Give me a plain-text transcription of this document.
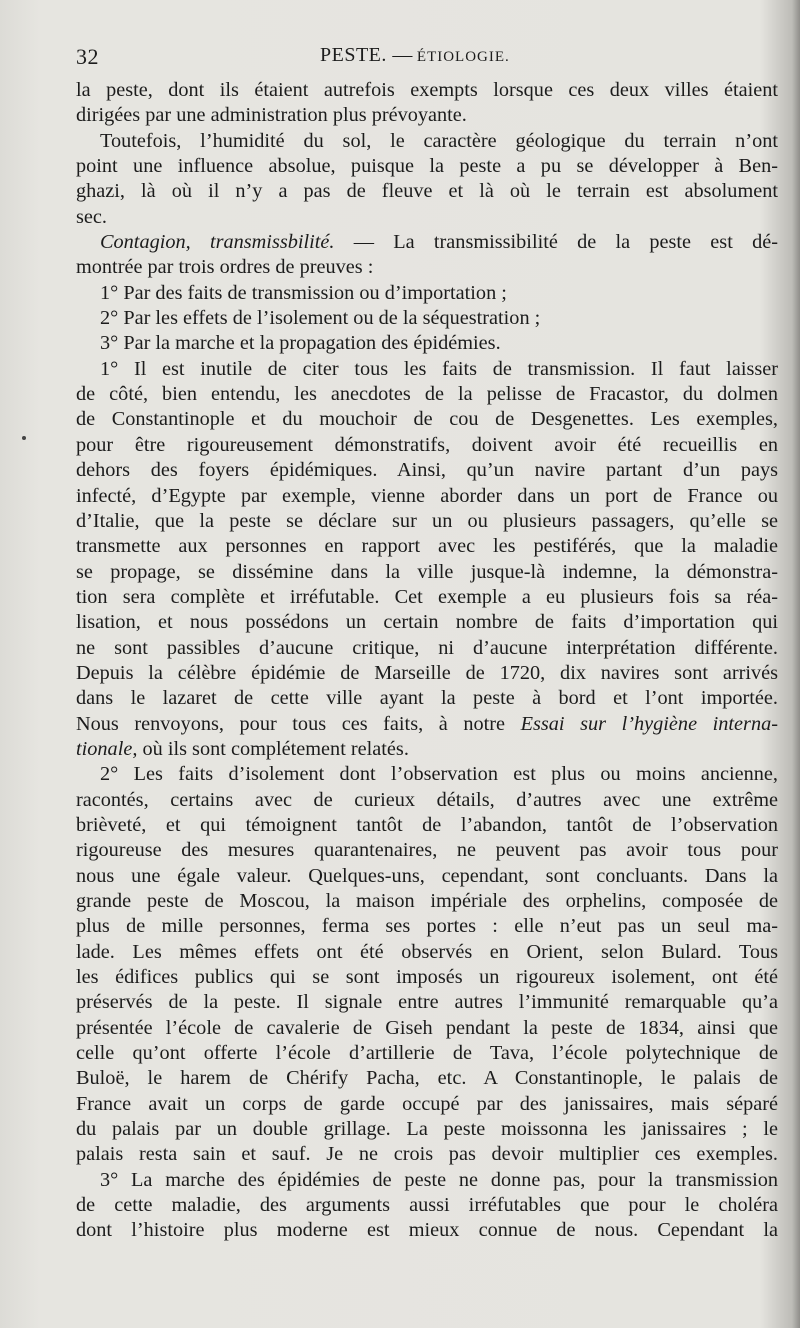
32	PESTE. — ÉTIOLOGIE.
la peste, dont ils étaient autrefois exempts lorsque ces deux villes étaient
dirigées par une administration plus prévoyante.
Toutefois, l’humidité du sol, le caractère géologique du terrain n’ont
point une influence absolue, puisque la peste a pu se développer à Ben-
ghazi, là où il n’y a pas de fleuve et là où le terrain est absolument
sec.
Contagion, transmissbilité. — La transmissibilité de la peste est dé-
montrée par trois ordres de preuves :
1° Par des faits de transmission ou d’importation ;
2° Par les effets de l’isolement ou de la séquestration ;
3° Par la marche et la propagation des épidémies.
1° Il est inutile de citer tous les faits de transmission. Il faut laisser
de côté, bien entendu, les anecdotes de la pelisse de Fracastor, du dolmen
de Constantinople et du mouchoir de cou de Desgenettes. Les exemples,
pour être rigoureusement démonstratifs, doivent avoir été recueillis en
dehors des foyers épidémiques. Ainsi, qu’un navire partant d’un pays
infecté, d’Egypte par exemple, vienne aborder dans un port de France ou
d’Italie, que la peste se déclare sur un ou plusieurs passagers, qu’elle se
transmette aux personnes en rapport avec les pestiférés, que la maladie
se propage, se dissémine dans la ville jusque-là indemne, la démonstra-
tion sera complète et irréfutable. Cet exemple a eu plusieurs fois sa réa-
lisation, et nous possédons un certain nombre de faits d’importation qui
ne sont passibles d’aucune critique, ni d’aucune interprétation différente.
Depuis la célèbre épidémie de Marseille de 1720, dix navires sont arrivés
dans le lazaret de cette ville ayant la peste à bord et l’ont importée.
Nous renvoyons, pour tous ces faits, à notre Essai sur l’hygiène interna-
tionale, où ils sont complétement relatés.
2° Les faits d’isolement dont l’observation est plus ou moins ancienne,
racontés, certains avec de curieux détails, d’autres avec une extrême
brièveté, et qui témoignent tantôt de l’abandon, tantôt de l’observation
rigoureuse des mesures quarantenaires, ne peuvent pas avoir tous pour
nous une égale valeur. Quelques-uns, cependant, sont concluants. Dans la
grande peste de Moscou, la maison impériale des orphelins, composée de
plus de mille personnes, ferma ses portes : elle n’eut pas un seul ma-
lade. Les mêmes effets ont été observés en Orient, selon Bulard. Tous
les édifices publics qui se sont imposés un rigoureux isolement, ont été
préservés de la peste. Il signale entre autres l’immunité remarquable qu’a
présentée l’école de cavalerie de Giseh pendant la peste de 1834, ainsi que
celle qu’ont offerte l’école d’artillerie de Tava, l’école polytechnique de
Buloë, le harem de Chérify Pacha, etc. A Constantinople, le palais de
France avait un corps de garde occupé par des janissaires, mais séparé
du palais par un double grillage. La peste moissonna les janissaires ; le
palais resta sain et sauf. Je ne crois pas devoir multiplier ces exemples.
3° La marche des épidémies de peste ne donne pas, pour la transmission
de cette maladie, des arguments aussi irréfutables que pour le choléra
dont l’histoire plus moderne est mieux connue de nous. Cependant la
